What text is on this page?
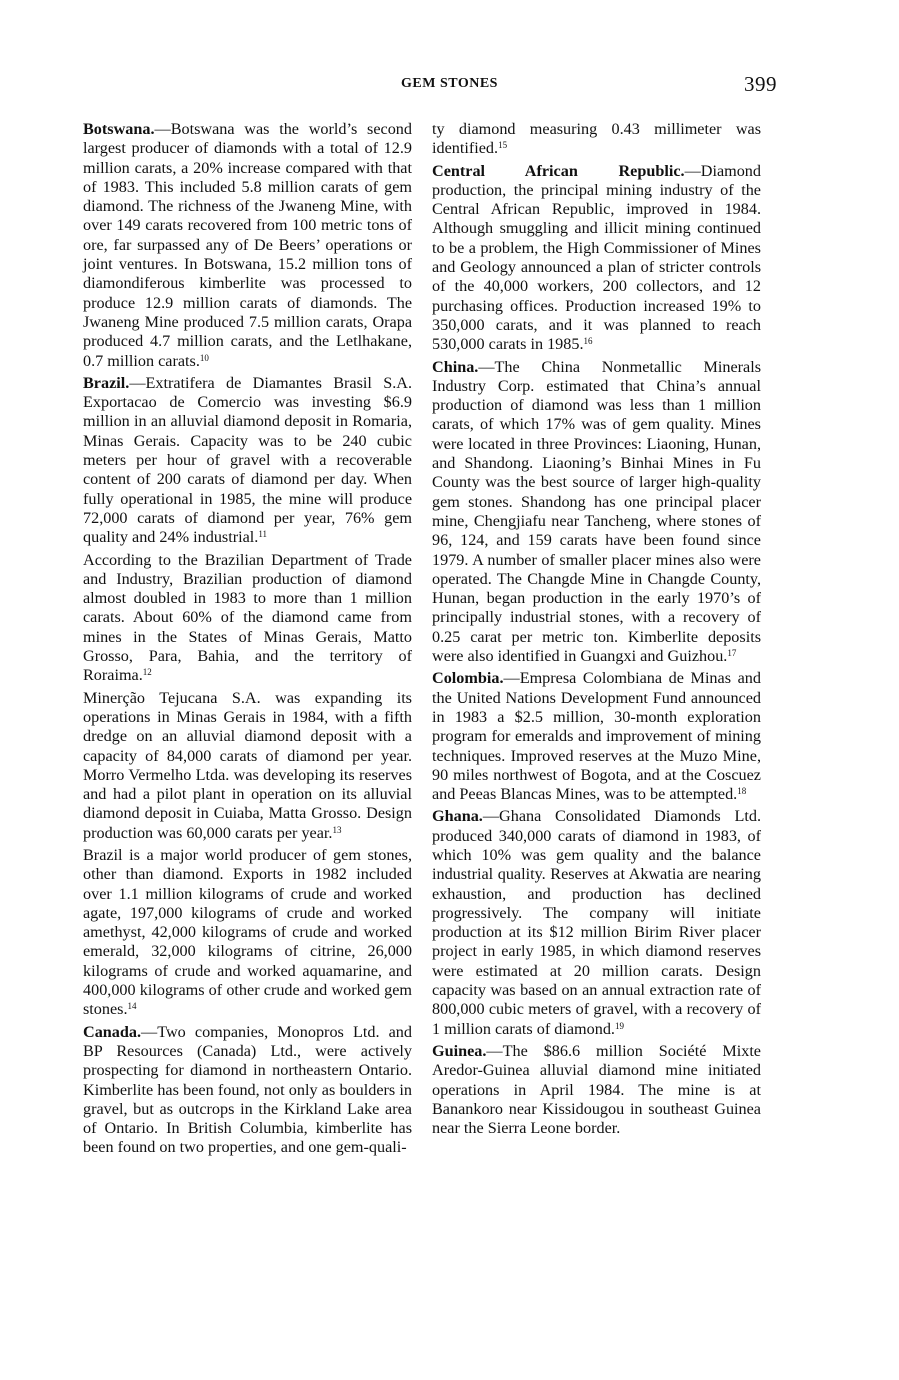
GEM STONES	399

Botswana.—Botswana was the world’s second largest producer of diamonds with a total of 12.9 million carats, a 20% increase compared with that of 1983. This included 5.8 million carats of gem diamond. The richness of the Jwaneng Mine, with over 149 carats recovered from 100 metric tons of ore, far surpassed any of De Beers’ operations or joint ventures. In Botswana, 15.2 million tons of diamondiferous kimberlite was processed to produce 12.9 million carats of diamonds. The Jwaneng Mine produced 7.5 million carats, Orapa produced 4.7 million carats, and the Letlhakane, 0.7 million carats.$^{10}$

Brazil.—Extratifera de Diamantes Brasil S.A. Exportacao de Comercio was investing $6.9 million in an alluvial diamond deposit in Romaria, Minas Gerais. Capacity was to be 240 cubic meters per hour of gravel with a recoverable content of 200 carats of diamond per day. When fully operational in 1985, the mine will produce 72,000 carats of diamond per year, 76% gem quality and 24% industrial.$^{11}$

According to the Brazilian Department of Trade and Industry, Brazilian production of diamond almost doubled in 1983 to more than 1 million carats. About 60% of the diamond came from mines in the States of Minas Gerais, Matto Grosso, Para, Bahia, and the territory of Roraima.$^{12}$

Minerção Tejucana S.A. was expanding its operations in Minas Gerais in 1984, with a fifth dredge on an alluvial diamond deposit with a capacity of 84,000 carats of diamond per year. Morro Vermelho Ltda. was developing its reserves and had a pilot plant in operation on its alluvial diamond deposit in Cuiaba, Matta Grosso. Design production was 60,000 carats per year.$^{13}$

Brazil is a major world producer of gem stones, other than diamond. Exports in 1982 included over 1.1 million kilograms of crude and worked agate, 197,000 kilograms of crude and worked amethyst, 42,000 kilograms of crude and worked emerald, 32,000 kilograms of citrine, 26,000 kilograms of crude and worked aquamarine, and 400,000 kilograms of other crude and worked gem stones.$^{14}$

Canada.—Two companies, Monopros Ltd. and BP Resources (Canada) Ltd., were actively prospecting for diamond in northeastern Ontario. Kimberlite has been found, not only as boulders in gravel, but as outcrops in the Kirkland Lake area of Ontario. In British Columbia, kimberlite has been found on two properties, and one gem-quali-

ty diamond measuring 0.43 millimeter was identified.$^{15}$

Central African Republic.—Diamond production, the principal mining industry of the Central African Republic, improved in 1984. Although smuggling and illicit mining continued to be a problem, the High Commissioner of Mines and Geology announced a plan of stricter controls of the 40,000 workers, 200 collectors, and 12 purchasing offices. Production increased 19% to 350,000 carats, and it was planned to reach 530,000 carats in 1985.16

China.—The China Nonmetallic Minerals Industry Corp. estimated that China’s annual production of diamond was less than 1 million carats, of which 17% was of gem quality. Mines were located in three Provinces: Liaoning, Hunan, and Shandong. Liaoning’s Binhai Mines in Fu County was the best source of larger high-quality gem stones. Shandong has one principal placer mine, Chengjiafu near Tancheng, where stones of 96, 124, and 159 carats have been found since 1979. A number of smaller placer mines also were operated. The Changde Mine in Changde County, Hunan, began production in the early 1970’s of principally industrial stones, with a recovery of 0.25 carat per metric ton. Kimberlite deposits were also identified in Guangxi and Guizhou.$^{17}$

Colombia.—Empresa Colombiana de Minas and the United Nations Development Fund announced in 1983 a $2.5 million, 30-month exploration program for emeralds and improvement of mining techniques. Improved reserves at the Muzo Mine, 90 miles northwest of Bogota, and at the Coscuez and Peeas Blancas Mines, was to be attempted.$^{18}$

Ghana.—Ghana Consolidated Diamonds Ltd. produced 340,000 carats of diamond in 1983, of which 10% was gem quality and the balance industrial quality. Reserves at Akwatia are nearing exhaustion, and production has declined progressively. The company will initiate production at its $12 million Birim River placer project in early 1985, in which diamond reserves were estimated at 20 million carats. Design capacity was based on an annual extraction rate of 800,000 cubic meters of gravel, with a recovery of 1 million carats of diamond.$^{19}$

Guinea.—The $86.6 million Société Mixte Aredor-Guinea alluvial diamond mine initiated operations in April 1984. The mine is at Banankoro near Kissidougou in southeast Guinea near the Sierra Leone border.
